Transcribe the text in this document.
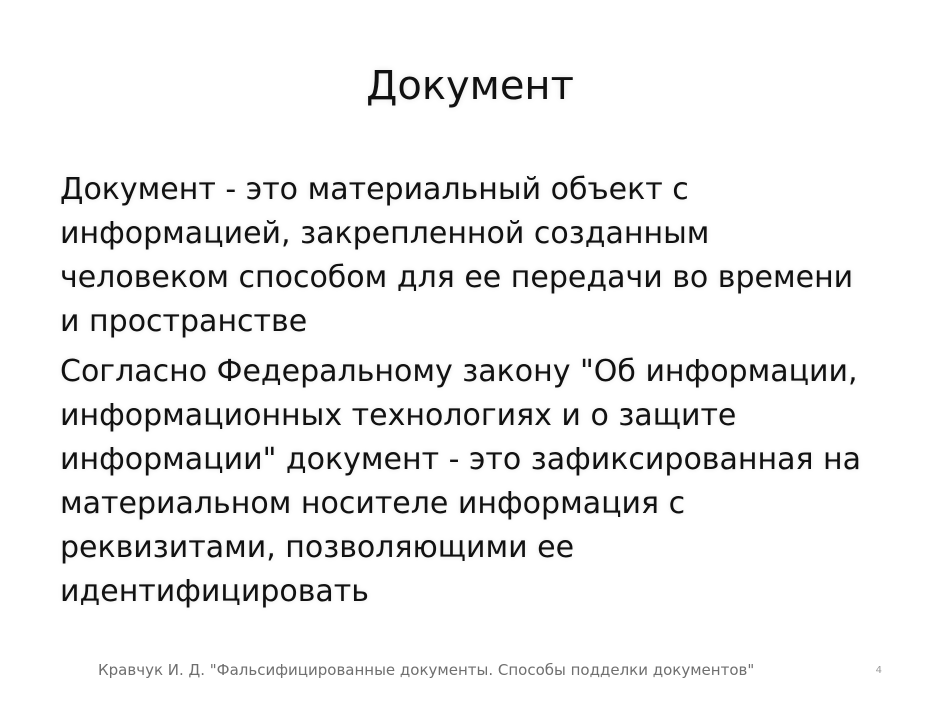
Документ

Документ - это материальный объект с информацией, закрепленной созданным человеком способом для ее передачи во времени и пространстве

Согласно Федеральному закону "Об информации, информационных технологиях и о защите информации" документ - это зафиксированная на материальном носителе информация с реквизитами, позволяющими ее идентифицировать

Кравчук И. Д. "Фальсифицированные документы. Способы подделки документов"	4
